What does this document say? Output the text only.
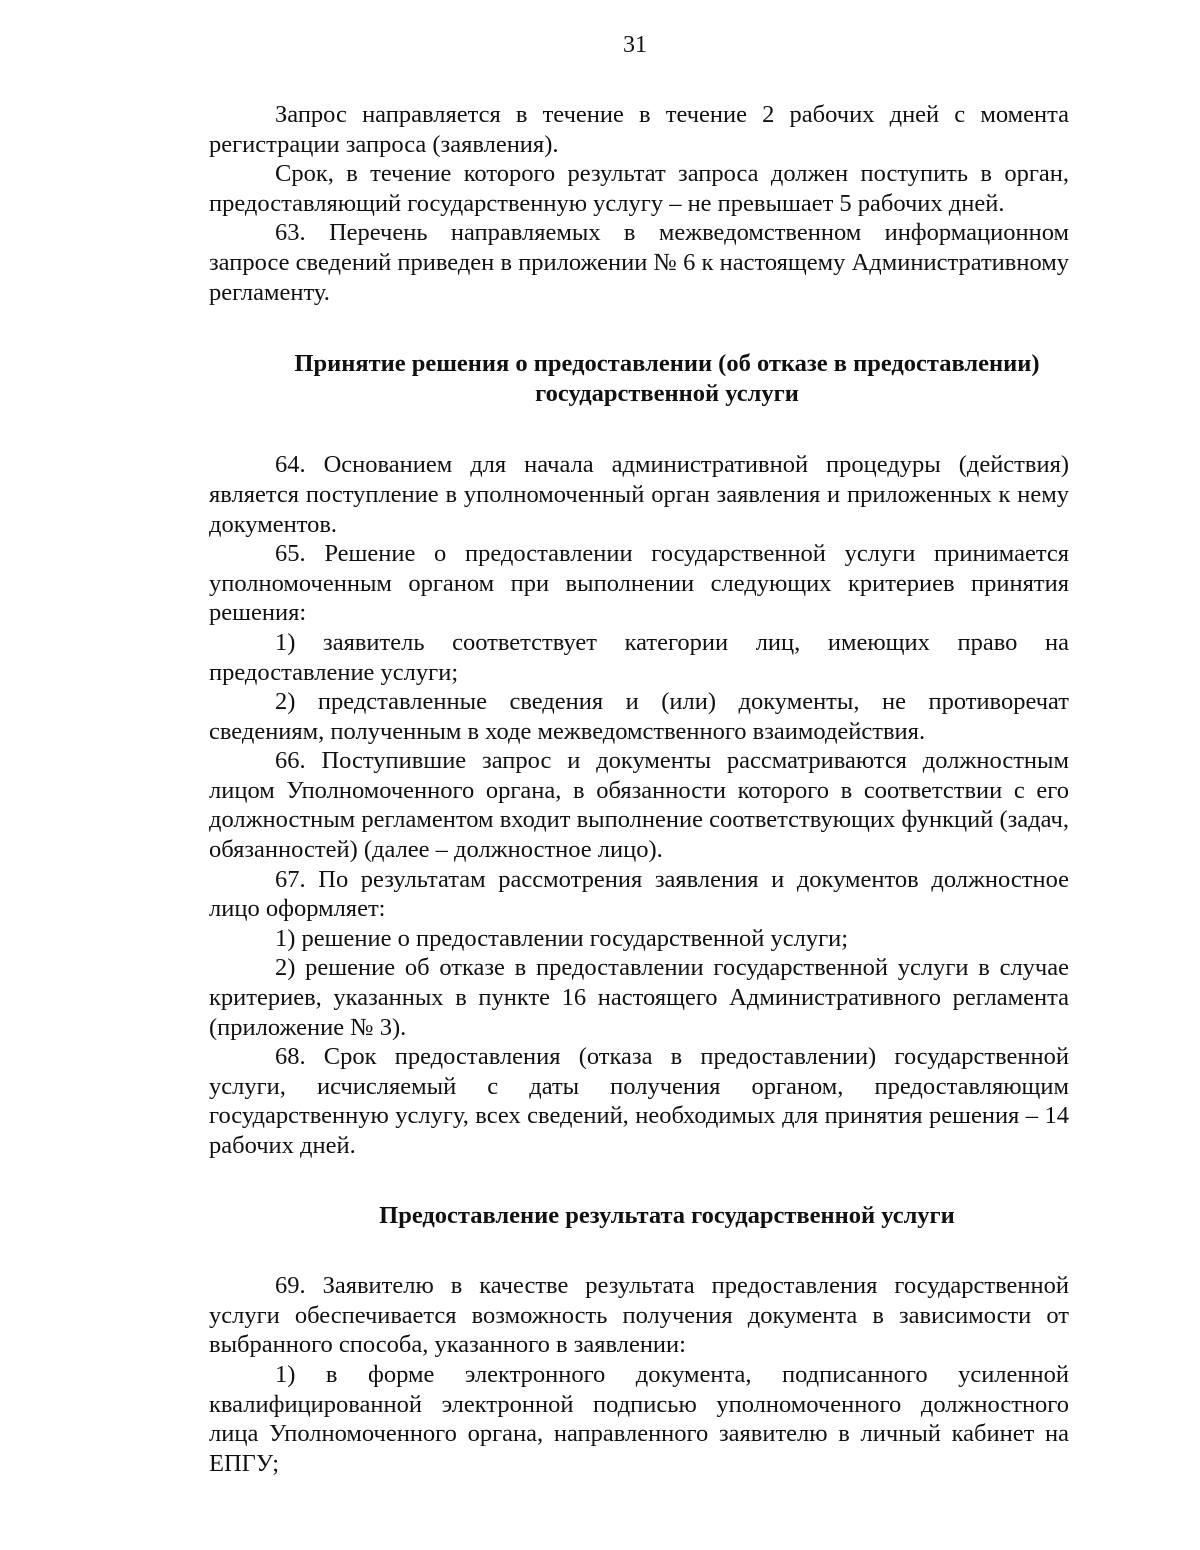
31

Запрос направляется в течение в течение 2 рабочих дней с момента регистрации запроса (заявления).

Срок, в течение которого результат запроса должен поступить в орган, предоставляющий государственную услугу – не превышает 5 рабочих дней.

63. Перечень направляемых в межведомственном информационном запросе сведений приведен в приложении № 6 к настоящему Административному регламенту.

Принятие решения о предоставлении (об отказе в предоставлении)
государственной услуги

64. Основанием для начала административной процедуры (действия) является поступление в уполномоченный орган заявления и приложенных к нему документов.

65. Решение о предоставлении государственной услуги принимается уполномоченным органом при выполнении следующих критериев принятия решения:

1) заявитель соответствует категории лиц, имеющих право на предоставление услуги;

2) представленные сведения и (или) документы, не противоречат сведениям, полученным в ходе межведомственного взаимодействия.

66. Поступившие запрос и документы рассматриваются должностным лицом Уполномоченного органа, в обязанности которого в соответствии с его должностным регламентом входит выполнение соответствующих функций (задач, обязанностей) (далее – должностное лицо).

67. По результатам рассмотрения заявления и документов должностное лицо оформляет:

1) решение о предоставлении государственной услуги;

2) решение об отказе в предоставлении государственной услуги в случае критериев, указанных в пункте 16 настоящего Административного регламента (приложение № 3).

68. Срок предоставления (отказа в предоставлении) государственной услуги, исчисляемый с даты получения органом, предоставляющим государственную услугу, всех сведений, необходимых для принятия решения – 14 рабочих дней.

Предоставление результата государственной услуги

69. Заявителю в качестве результата предоставления государственной услуги обеспечивается возможность получения документа в зависимости от выбранного способа, указанного в заявлении:

1) в форме электронного документа, подписанного усиленной квалифицированной электронной подписью уполномоченного должностного лица Уполномоченного органа, направленного заявителю в личный кабинет на ЕПГУ;
